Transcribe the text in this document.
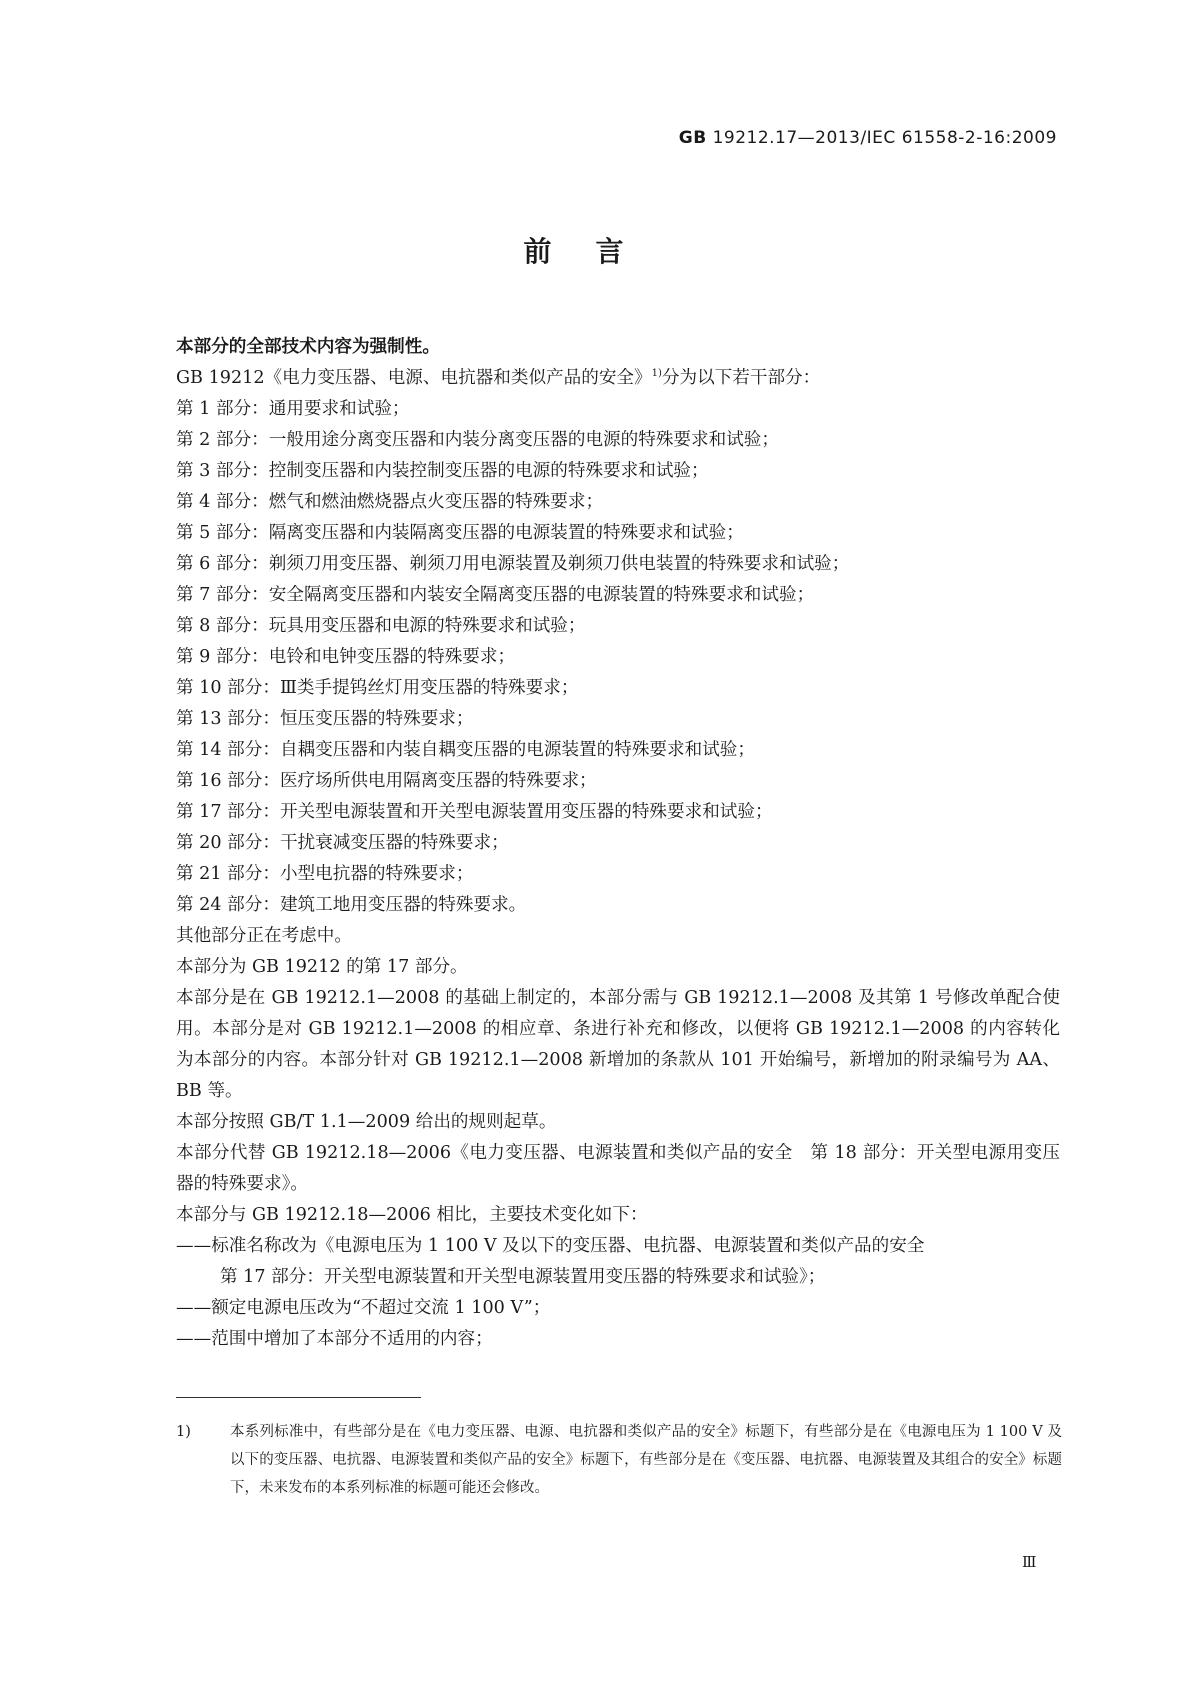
GB 19212.17—2013/IEC 61558-2-16:2009
前言

本部分的全部技术内容为强制性。

GB 19212《电力变压器、电源、电抗器和类似产品的安全》$^{1)}$分为以下若干部分：

第 1 部分：通用要求和试验；

第 2 部分：一般用途分离变压器和内装分离变压器的电源的特殊要求和试验；

第 3 部分：控制变压器和内装控制变压器的电源的特殊要求和试验；

第 4 部分：燃气和燃油燃烧器点火变压器的特殊要求；

第 5 部分：隔离变压器和内装隔离变压器的电源装置的特殊要求和试验；

第 6 部分：剃须刀用变压器、剃须刀用电源装置及剃须刀供电装置的特殊要求和试验；

第 7 部分：安全隔离变压器和内装安全隔离变压器的电源装置的特殊要求和试验；

第 8 部分：玩具用变压器和电源的特殊要求和试验；

第 9 部分：电铃和电钟变压器的特殊要求；

第 10 部分：Ⅲ类手提钨丝灯用变压器的特殊要求；

第 13 部分：恒压变压器的特殊要求；

第 14 部分：自耦变压器和内装自耦变压器的电源装置的特殊要求和试验；

第 16 部分：医疗场所供电用隔离变压器的特殊要求；

第 17 部分：开关型电源装置和开关型电源装置用变压器的特殊要求和试验；

第 20 部分：干扰衰减变压器的特殊要求；

第 21 部分：小型电抗器的特殊要求；

第 24 部分：建筑工地用变压器的特殊要求。

其他部分正在考虑中。

本部分为 GB 19212 的第 17 部分。

本部分是在 GB 19212.1—2008 的基础上制定的，本部分需与 GB 19212.1—2008 及其第 1 号修改单配合使用。本部分是对 GB 19212.1—2008 的相应章、条进行补充和修改，以便将 GB 19212.1—2008 的内容转化为本部分的内容。本部分针对 GB 19212.1—2008 新增加的条款从 101 开始编号，新增加的附录编号为 AA、BB 等。

本部分按照 GB/T 1.1—2009 给出的规则起草。

本部分代替 GB 19212.18—2006《电力变压器、电源装置和类似产品的安全　第 18 部分：开关型电源用变压器的特殊要求》。

本部分与 GB 19212.18—2006 相比，主要技术变化如下：

——标准名称改为《电源电压为 1 100 V 及以下的变压器、电抗器、电源装置和类似产品的安全

第 17 部分：开关型电源装置和开关型电源装置用变压器的特殊要求和试验》；

——额定电源电压改为“不超过交流 1 100 V”；

——范围中增加了本部分不适用的内容；

1)	本系列标准中，有些部分是在《电力变压器、电源、电抗器和类似产品的安全》标题下，有些部分是在《电源电压为 1 100 V 及以下的变压器、电抗器、电源装置和类似产品的安全》标题下，有些部分是在《变压器、电抗器、电源装置及其组合的安全》标题下，未来发布的本系列标准的标题可能还会修改。
Ⅲ
